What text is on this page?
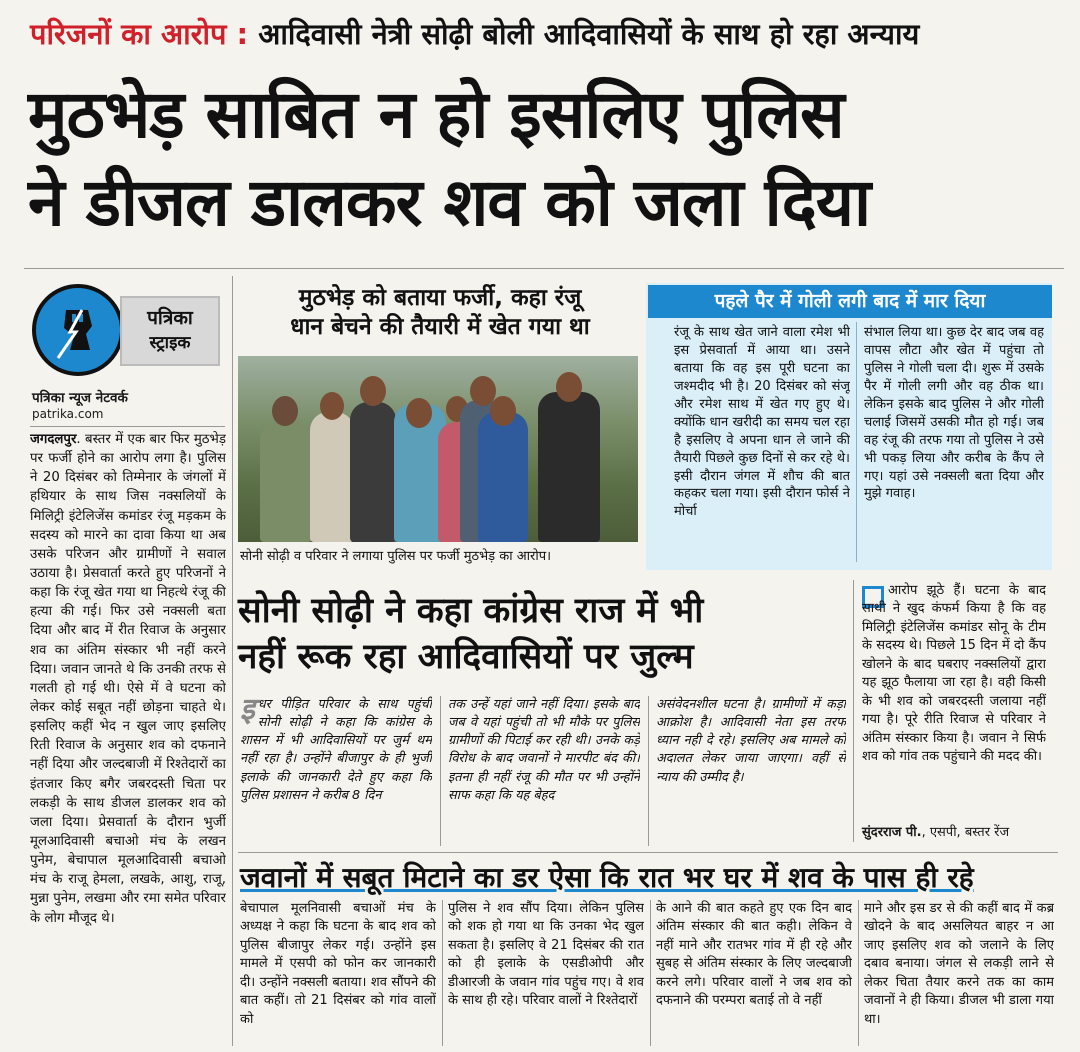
परिजनों का आरोप : आदिवासी नेत्री सोढ़ी बोली आदिवासियों के साथ हो रहा अन्याय
मुठभेड़ साबित न हो इसलिए पुलिस
ने डीजल डालकर शव को जला दिया
पत्रिका
स्ट्राइक
पत्रिका न्यूज नेटवर्क
patrika.com
जगदलपुर. बस्तर में एक बार फिर मुठभेड़ पर फर्जी होने का आरोप लगा है। पुलिस ने 20 दिसंबर को तिम्मेनार के जंगलों में हथियार के साथ जिस नक्सलियों के मिलिट्री इंटेलिजेंस कमांडर रंजू मड़कम के सदस्य को मारने का दावा किया था अब उसके परिजन और ग्रामीणों ने सवाल उठाया है। प्रेसवार्ता करते हुए परिजनों ने कहा कि रंजू खेत गया था निहत्थे रंजू की हत्या की गई। फिर उसे नक्सली बता दिया और बाद में रीत रिवाज के अनुसार शव का अंतिम संस्कार भी नहीं करने दिया। जवान जानते थे कि उनकी तरफ से गलती हो गई थी। ऐसे में वे घटना को लेकर कोई सबूत नहीं छोड़ना चाहते थे। इसलिए कहीं भेद न खुल जाए इसलिए रिती रिवाज के अनुसार शव को दफनाने नहीं दिया और जल्दबाजी में रिश्तेदारों का इंतजार किए बगैर जबरदस्ती चिता पर लकड़ी के साथ डीजल डालकर शव को जला दिया। प्रेसवार्ता के दौरान भुर्जी मूलआदिवासी बचाओ मंच के लखन पुनेम, बेचापाल मूलआदिवासी बचाओ मंच के राजू हेमला, लखके, आशु, राजू, मुन्ना पुनेम, लखमा और रमा समेत परिवार के लोग मौजूद थे।
मुठभेड़ को बताया फर्जी, कहा रंजू
धान बेचने की तैयारी में खेत गया था
सोनी सोढ़ी व परिवार ने लगाया पुलिस पर फर्जी मुठभेड़ का आरोप।
पहले पैर में गोली लगी बाद में मार दिया
रंजू के साथ खेत जाने वाला रमेश भी इस प्रेसवार्ता में आया था। उसने बताया कि वह इस पूरी घटना का जश्मदीद भी है। 20 दिसंबर को संजू और रमेश साथ में खेत गए हुए थे। क्योंकि धान खरीदी का समय चल रहा है इसलिए वे अपना धान ले जाने की तैयारी पिछले कुछ दिनों से कर रहे थे। इसी दौरान जंगल में शौच की बात कहकर चला गया। इसी दौरान फोर्स ने मोर्चा
संभाल लिया था। कुछ देर बाद जब वह वापस लौटा और खेत में पहुंचा तो पुलिस ने गोली चला दी। शुरू में उसके पैर में गोली लगी और वह ठीक था। लेकिन इसके बाद पुलिस ने और गोली चलाई जिसमें उसकी मौत हो गई। जब वह रंजू की तरफ गया तो पुलिस ने उसे भी पकड़ लिया और करीब के कैंप ले गए। यहां उसे नक्सली बता दिया और मुझे गवाह।
सोनी सोढ़ी ने कहा कांग्रेस राज में भी
नहीं रूक रहा आदिवासियों पर जुल्म
इधर पीड़ित परिवार के साथ पहुंची सोनी सोढ़ी ने कहा कि कांग्रेस के शासन में भी आदिवासियों पर जुर्म थम नहीं रहा है। उन्होंने बीजापुर के ही भुर्जी इलाके की जानकारी देते हुए कहा कि पुलिस प्रशासन ने करीब 8 दिन
तक उन्हें यहां जाने नहीं दिया। इसके बाद जब वे यहां पहुंची तो भी मौके पर पुलिस ग्रामीणों की पिटाई कर रही थी। उनके कड़े विरोध के बाद जवानों ने मारपीट बंद की। इतना ही नहीं रंजू की मौत पर भी उन्होंने साफ कहा कि यह बेहद
असंवेदनशील घटना है। ग्रामीणों में कड़ा आक्रोश है। आदिवासी नेता इस तरफ ध्यान नही दे रहे। इसलिए अब मामले को अदालत लेकर जाया जाएगा। वहीं से न्याय की उम्मीद है।
आरोप झूठे हैं। घटना के बाद साथी ने खुद कंफर्म किया है कि वह मिलिट्री इंटेलिजेंस कमांडर सोनू के टीम के सदस्य थे। पिछले 15 दिन में दो कैंप खोलने के बाद घबराए नक्सलियों द्वारा यह झूठ फैलाया जा रहा है। वही किसी के भी शव को जबरदस्ती जलाया नहीं गया है। पूरे रीति रिवाज से परिवार ने अंतिम संस्कार किया है। जवान ने सिर्फ शव को गांव तक पहुंचाने की मदद की।
सुंदरराज पी., एसपी, बस्तर रेंज
जवानों में सबूत मिटाने का डर ऐसा कि रात भर घर में शव के पास ही रहे
बेचापाल मूलनिवासी बचाओं मंच के अध्यक्ष ने कहा कि घटना के बाद शव को पुलिस बीजापुर लेकर गई। उन्होंने इस मामले में एसपी को फोन कर जानकारी दी। उन्होंने नक्सली बताया। शव सौंपने की बात कहीं। तो 21 दिसंबर को गांव वालों को
पुलिस ने शव सौंप दिया। लेकिन पुलिस को शक हो गया था कि उनका भेद खुल सकता है। इसलिए वे 21 दिसंबर की रात को ही इलाके के एसडीओपी और डीआरजी के जवान गांव पहुंच गए। वे शव के साथ ही रहे। परिवार वालों ने रिश्तेदारों
के आने की बात कहते हुए एक दिन बाद अंतिम संस्कार की बात कही। लेकिन वे नहीं माने और रातभर गांव में ही रहे और सुबह से अंतिम संस्कार के लिए जल्दबाजी करने लगे। परिवार वालों ने जब शव को दफनाने की परम्परा बताई तो वे नहीं
माने और इस डर से की कहीं बाद में कब्र खोदने के बाद असलियत बाहर न आ जाए इसलिए शव को जलाने के लिए दबाव बनाया। जंगल से लकड़ी लाने से लेकर चिता तैयार करने तक का काम जवानों ने ही किया। डीजल भी डाला गया था।
